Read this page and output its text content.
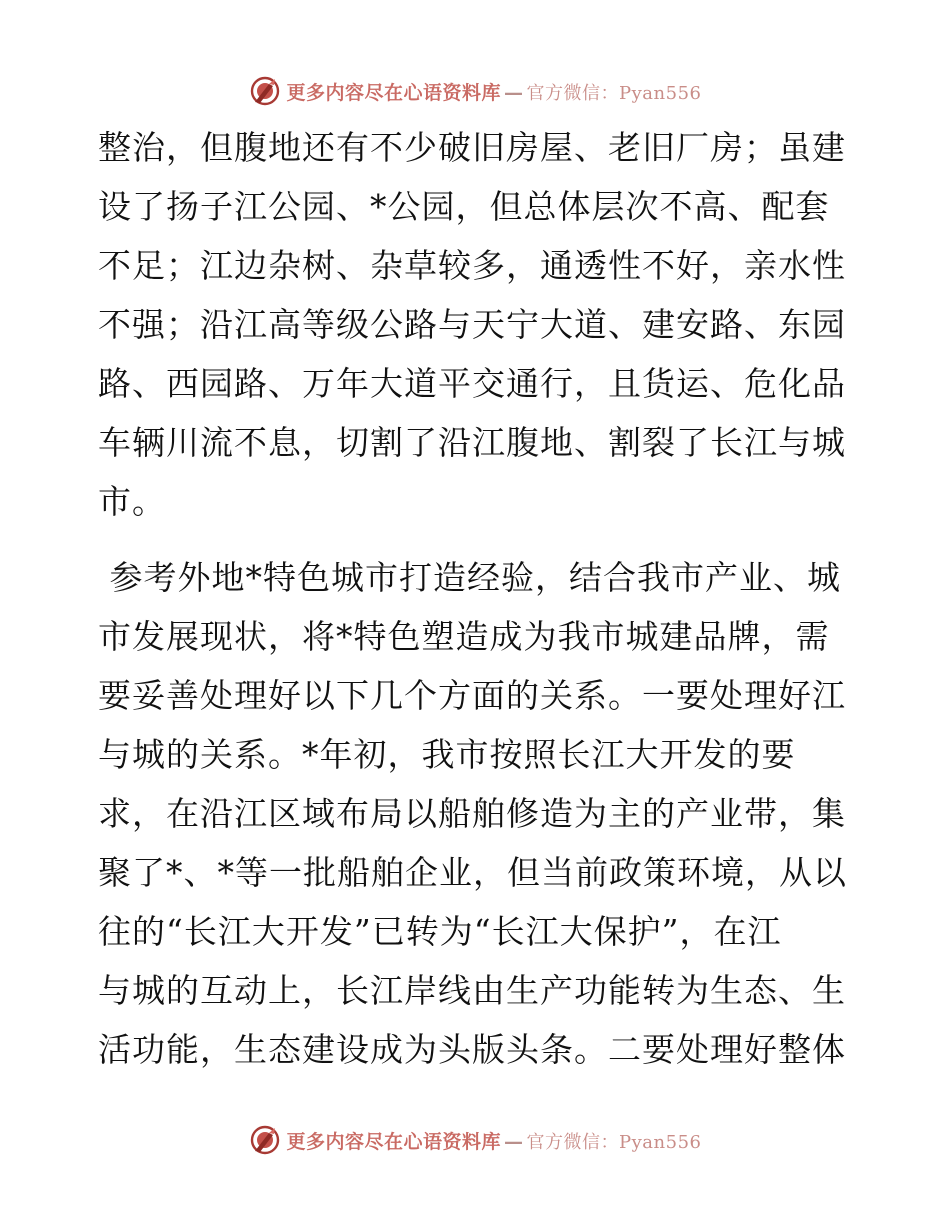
更多内容尽在心语资料库 — 官方微信：Pyan556

整治，但腹地还有不少破旧房屋、老旧厂房；虽建

设了扬子江公园、*公园，但总体层次不高、配套

不足；江边杂树、杂草较多，通透性不好，亲水性

不强；沿江高等级公路与天宁大道、建安路、东园

路、西园路、万年大道平交通行，且货运、危化品

车辆川流不息，切割了沿江腹地、割裂了长江与城

市。

参考外地*特色城市打造经验，结合我市产业、城

市发展现状，将*特色塑造成为我市城建品牌，需

要妥善处理好以下几个方面的关系。一要处理好江

与城的关系。*年初，我市按照长江大开发的要

求，在沿江区域布局以船舶修造为主的产业带，集

聚了*、*等一批船舶企业，但当前政策环境，从以

往的“长江大开发”已转为“长江大保护”，在江

与城的互动上，长江岸线由生产功能转为生态、生

活功能，生态建设成为头版头条。二要处理好整体

更多内容尽在心语资料库 — 官方微信：Pyan556
